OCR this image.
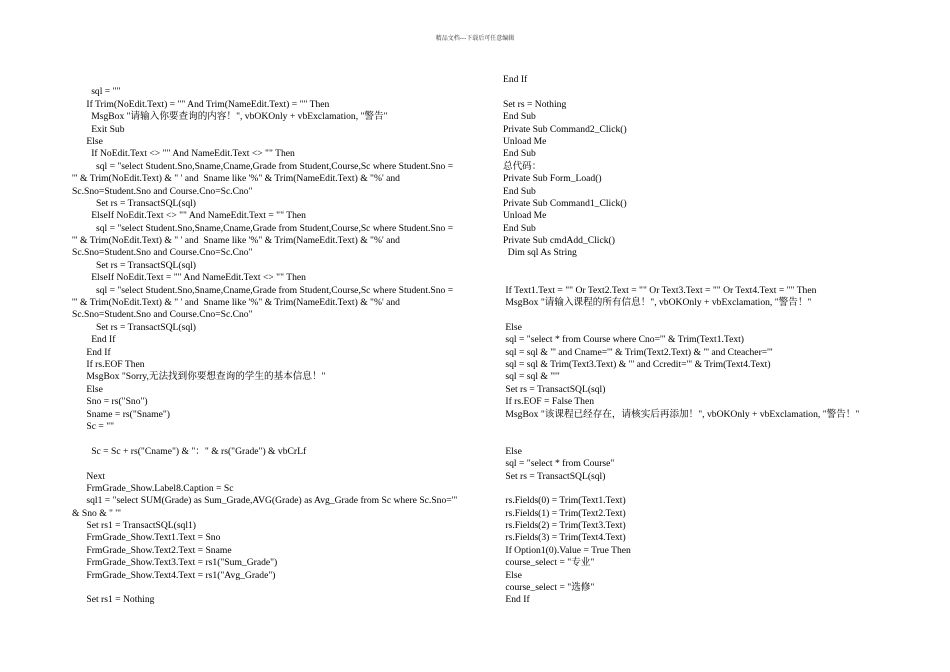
精品文档---下载后可任意编辑
sql = ""
If Trim(NoEdit.Text) = "" And Trim(NameEdit.Text) = "" Then
MsgBox "请输入你要查询的内容！", vbOKOnly + vbExclamation, "警告"
Exit Sub
Else
If NoEdit.Text <> "" And NameEdit.Text <> "" Then
sql = "select Student.Sno,Sname,Cname,Grade from Student,Course,Sc where Student.Sno =
'" & Trim(NoEdit.Text) & " ' and  Sname like '%" & Trim(NameEdit.Text) & "%' and
Sc.Sno=Student.Sno and Course.Cno=Sc.Cno"
Set rs = TransactSQL(sql)
ElseIf NoEdit.Text <> "" And NameEdit.Text = "" Then
sql = "select Student.Sno,Sname,Cname,Grade from Student,Course,Sc where Student.Sno =
'" & Trim(NoEdit.Text) & " ' and  Sname like '%" & Trim(NameEdit.Text) & "%' and
Sc.Sno=Student.Sno and Course.Cno=Sc.Cno"
Set rs = TransactSQL(sql)
ElseIf NoEdit.Text = "" And NameEdit.Text <> "" Then
sql = "select Student.Sno,Sname,Cname,Grade from Student,Course,Sc where Student.Sno =
'" & Trim(NoEdit.Text) & " ' and  Sname like '%" & Trim(NameEdit.Text) & "%' and
Sc.Sno=Student.Sno and Course.Cno=Sc.Cno"
Set rs = TransactSQL(sql)
End If
End If
If rs.EOF Then
MsgBox "Sorry,无法找到你要想查询的学生的基本信息！"
Else
Sno = rs("Sno")
Sname = rs("Sname")
Sc = ""
Sc = Sc + rs("Cname") & "：" & rs("Grade") & vbCrLf
Next
FrmGrade_Show.Label8.Caption = Sc
sql1 = "select SUM(Grade) as Sum_Grade,AVG(Grade) as Avg_Grade from Sc where Sc.Sno='"
& Sno & " '"
Set rs1 = TransactSQL(sql1)
FrmGrade_Show.Text1.Text = Sno
FrmGrade_Show.Text2.Text = Sname
FrmGrade_Show.Text3.Text = rs1("Sum_Grade")
FrmGrade_Show.Text4.Text = rs1("Avg_Grade")
Set rs1 = Nothing
End If
Set rs = Nothing
End Sub
Private Sub Command2_Click()
Unload Me
End Sub
总代码：
Private Sub Form_Load()
End Sub
Private Sub Command1_Click()
Unload Me
End Sub
Private Sub cmdAdd_Click()
Dim sql As String
If Text1.Text = "" Or Text2.Text = "" Or Text3.Text = "" Or Text4.Text = "" Then
MsgBox "请输入课程的所有信息！", vbOKOnly + vbExclamation, "警告！"
Else
sql = "select * from Course where Cno='" & Trim(Text1.Text)
sql = sql & "' and Cname='" & Trim(Text2.Text) & "' and Cteacher='"
sql = sql & Trim(Text3.Text) & "' and Ccredit='" & Trim(Text4.Text)
sql = sql & "'"
Set rs = TransactSQL(sql)
If rs.EOF = False Then
MsgBox "该课程已经存在，请核实后再添加！", vbOKOnly + vbExclamation, "警告！"
Else
sql = "select * from Course"
Set rs = TransactSQL(sql)
rs.Fields(0) = Trim(Text1.Text)
rs.Fields(1) = Trim(Text2.Text)
rs.Fields(2) = Trim(Text3.Text)
rs.Fields(3) = Trim(Text4.Text)
If Option1(0).Value = True Then
course_select = "专业"
Else
course_select = "选修"
End If
